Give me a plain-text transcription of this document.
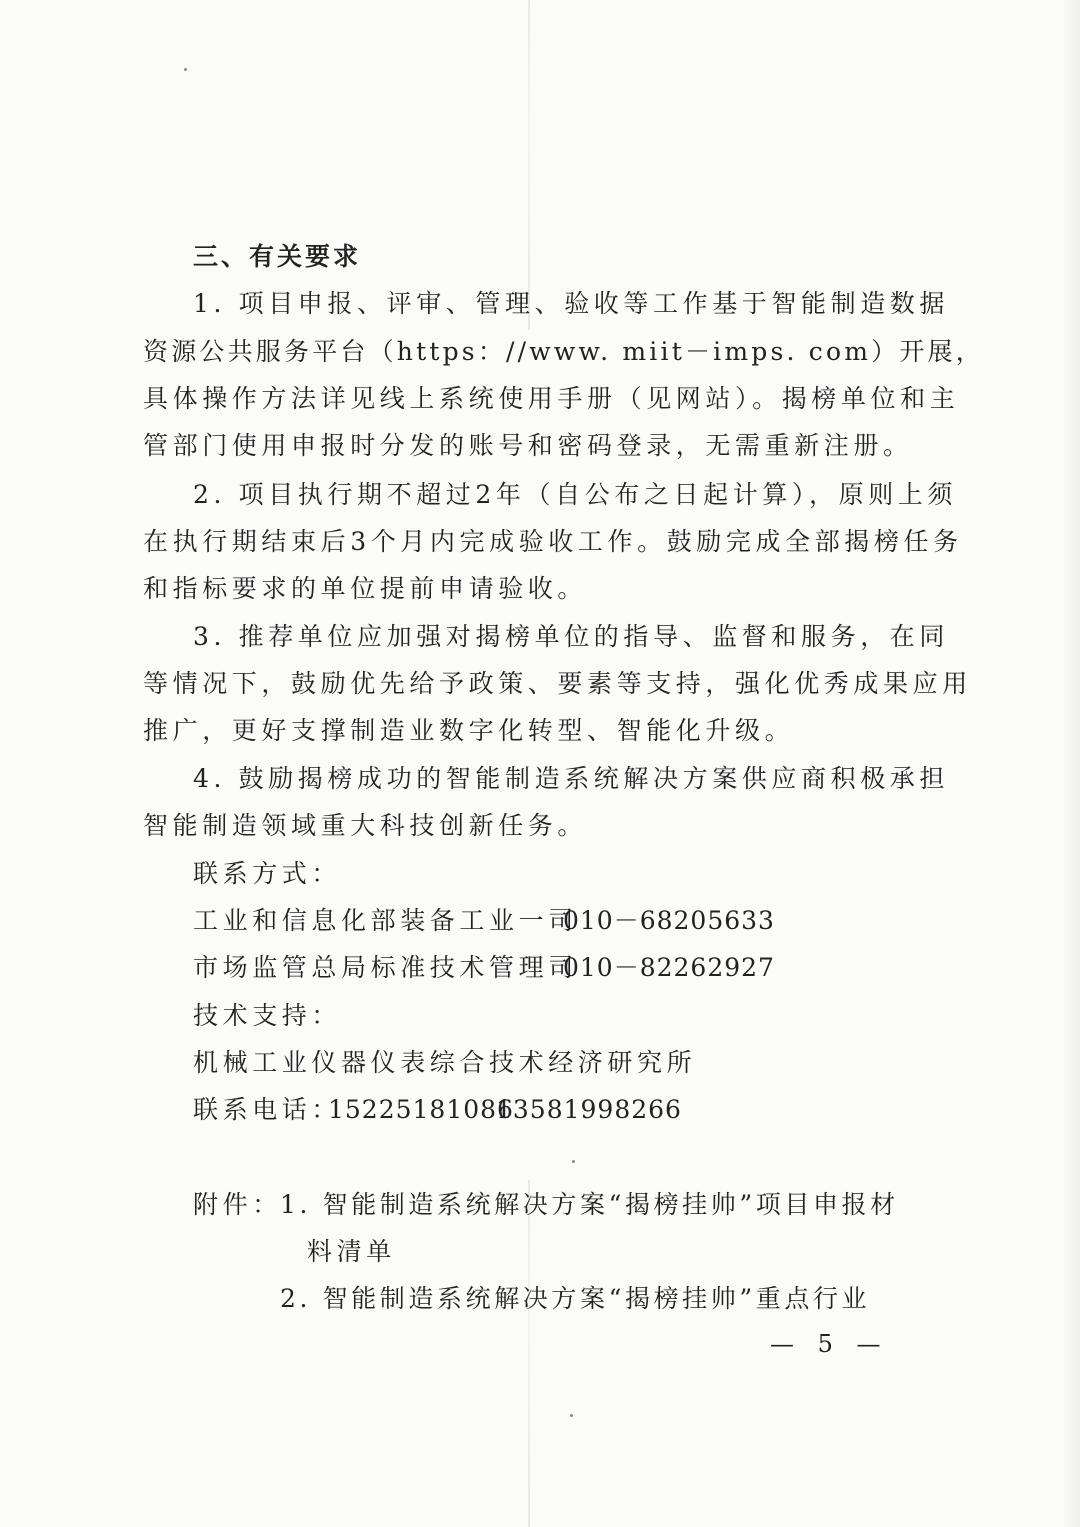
三、有关要求
1. 项目申报、评审、管理、验收等工作基于智能制造数据
资源公共服务平台（https：//www. miit－imps. com）开展，
具体操作方法详见线上系统使用手册（见网站）。揭榜单位和主
管部门使用申报时分发的账号和密码登录，无需重新注册。
2. 项目执行期不超过2年（自公布之日起计算），原则上须
在执行期结束后3个月内完成验收工作。鼓励完成全部揭榜任务
和指标要求的单位提前申请验收。
3. 推荐单位应加强对揭榜单位的指导、监督和服务，在同
等情况下，鼓励优先给予政策、要素等支持，强化优秀成果应用
推广，更好支撑制造业数字化转型、智能化升级。
4. 鼓励揭榜成功的智能制造系统解决方案供应商积极承担
智能制造领域重大科技创新任务。
联系方式：
工业和信息化部装备工业一司
010－68205633
市场监管总局标准技术管理司
010－82262927
技术支持：
机械工业仪器仪表综合技术经济研究所
联系电话：
15225181086
13581998266
附件：
1. 智能制造系统解决方案“揭榜挂帅”项目申报材
料清单
2. 智能制造系统解决方案“揭榜挂帅”重点行业
— 5 —
